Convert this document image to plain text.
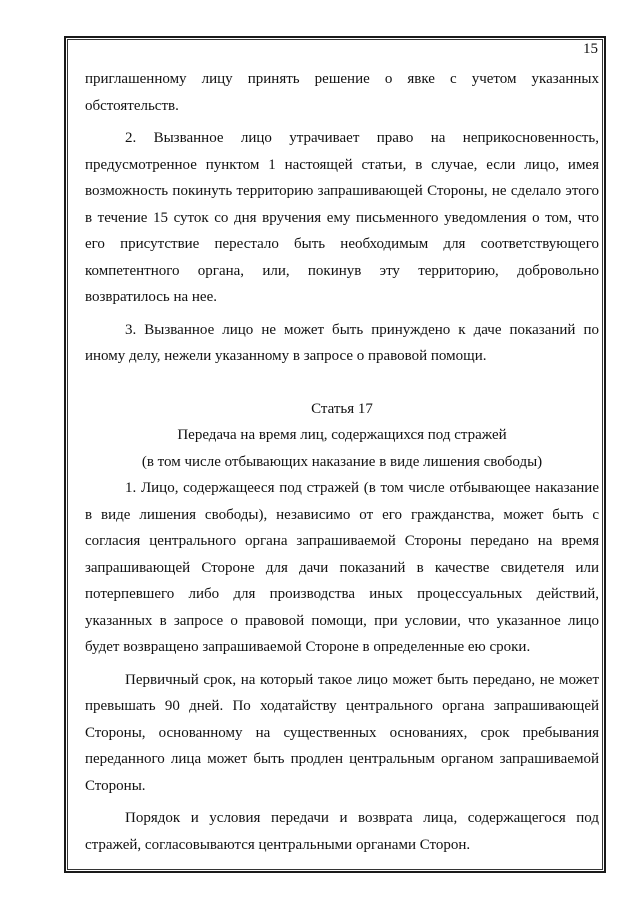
15

приглашенному лицу принять решение о явке с учетом указанных обстоятельств.

2. Вызванное лицо утрачивает право на неприкосновенность, предусмотренное пунктом 1 настоящей статьи, в случае, если лицо, имея возможность покинуть территорию запрашивающей Стороны, не сделало этого в течение 15 суток со дня вручения ему письменного уведомления о том, что его присутствие перестало быть необходимым для соответствующего компетентного органа, или, покинув эту территорию, добровольно возвратилось на нее.

3. Вызванное лицо не может быть принуждено к даче показаний по иному делу, нежели указанному в запросе о правовой помощи.

Статья 17

Передача на время лиц, содержащихся под стражей
(в том числе отбывающих наказание в виде лишения свободы)

1. Лицо, содержащееся под стражей (в том числе отбывающее наказание в виде лишения свободы), независимо от его гражданства, может быть с согласия центрального органа запрашиваемой Стороны передано на время запрашивающей Стороне для дачи показаний в качестве свидетеля или потерпевшего либо для производства иных процессуальных действий, указанных в запросе о правовой помощи, при условии, что указанное лицо будет возвращено запрашиваемой Стороне в определенные ею сроки.

Первичный срок, на который такое лицо может быть передано, не может превышать 90 дней. По ходатайству центрального органа запрашивающей Стороны, основанному на существенных основаниях, срок пребывания переданного лица может быть продлен центральным органом запрашиваемой Стороны.

Порядок и условия передачи и возврата лица, содержащегося под стражей, согласовываются центральными органами Сторон.
